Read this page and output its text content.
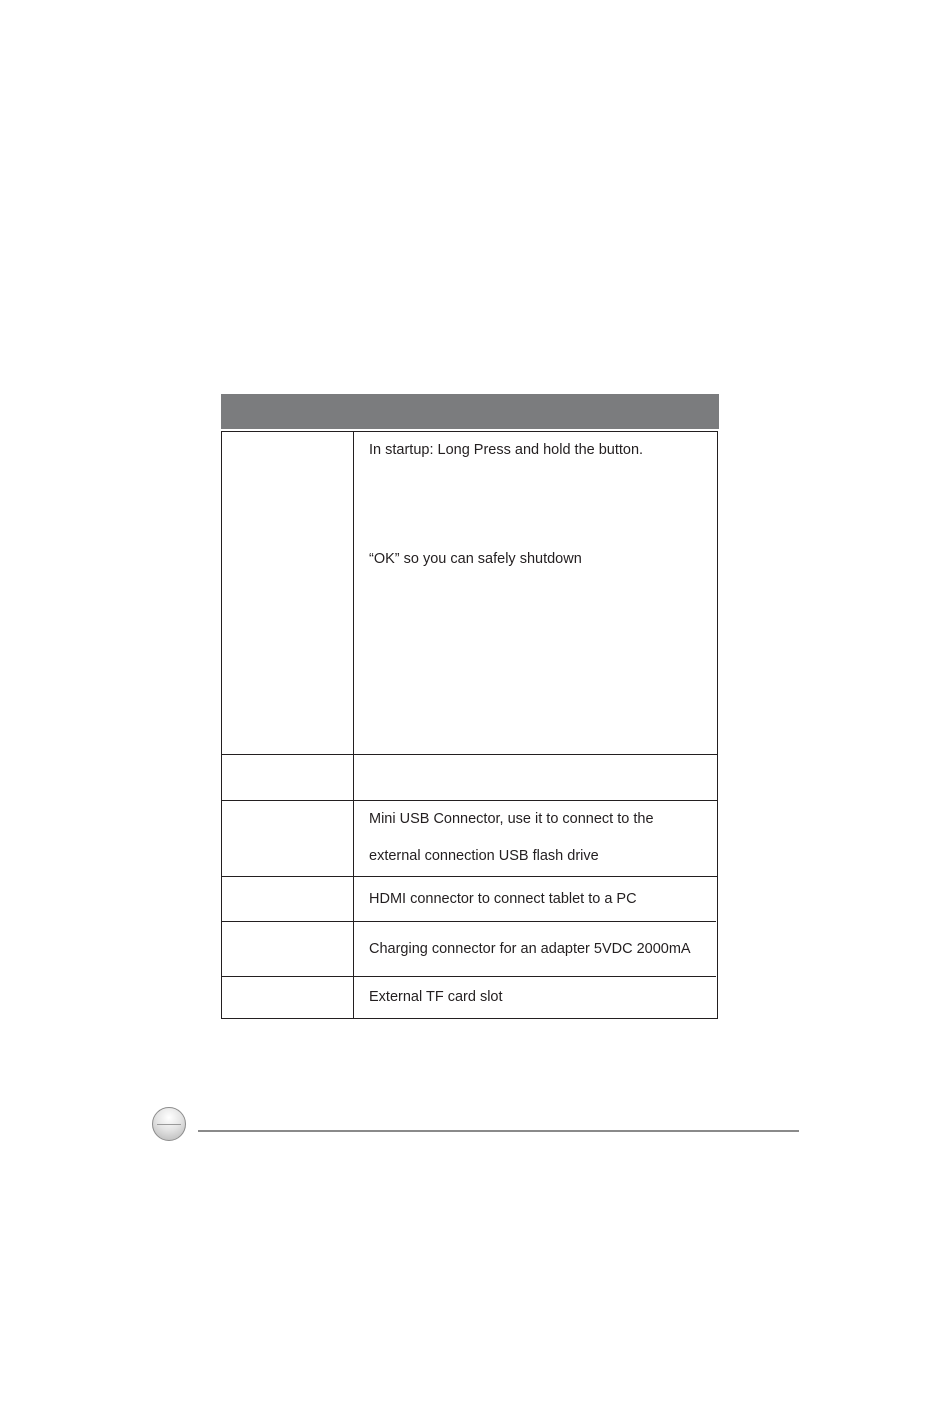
In startup: Long Press and hold the button.

“OK” so you can safely shutdown

Mini USB Connector, use it to connect to the

external connection USB flash drive

HDMI connector to connect tablet to a PC

Charging connector for an adapter 5VDC 2000mA

External TF card slot
